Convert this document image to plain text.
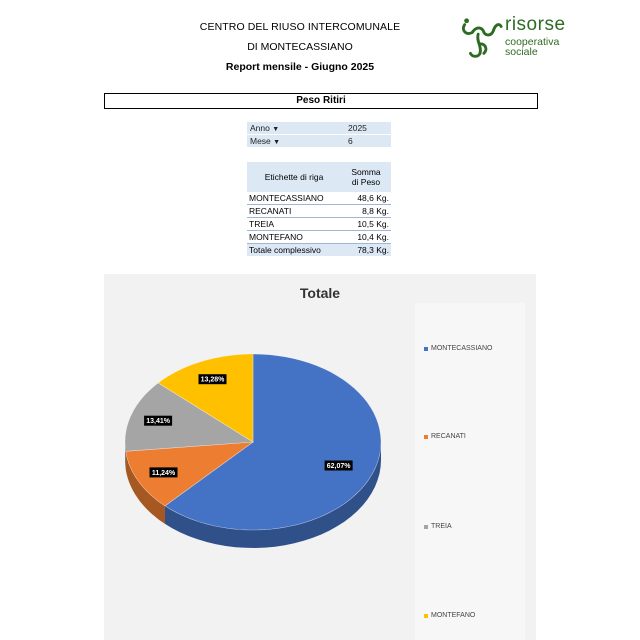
CENTRO DEL RIUSO INTERCOMUNALE
DI MONTECASSIANO
Report mensile - Giugno 2025
risorse
cooperativa
sociale
Peso Ritiri
Anno ▼	2025
Mese ▼	6
Etichette di riga	Somma
di Peso
MONTECASSIANO	48,6 Kg.
RECANATI	8,8 Kg.
TREIA	10,5 Kg.
MONTEFANO	10,4 Kg.
Totale complessivo	78,3 Kg.
Totale
62,07%
11,24%
13,41%
13,28%
MONTECASSIANO
RECANATI
TREIA
MONTEFANO
